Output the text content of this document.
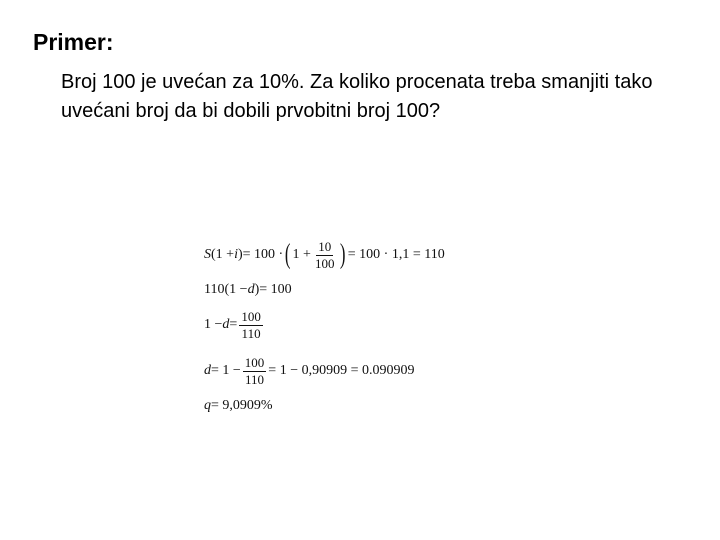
Primer:

Broj 100 je uvećan za 10%. Za koliko procenata treba smanjiti tako uvećani broj da bi dobili prvobitni broj 100?

S ( 1 + i ) = 100 · ( $1 + \frac{10}{100}$ ) = 100 · 1,1 = 110
110 ( 1 − d ) = 100
$1 - d = \frac{100}{110}$
$d = 1 - \frac{100}{110} = 1 - 0,90909 = 0.090909$
q = 9,0909%
